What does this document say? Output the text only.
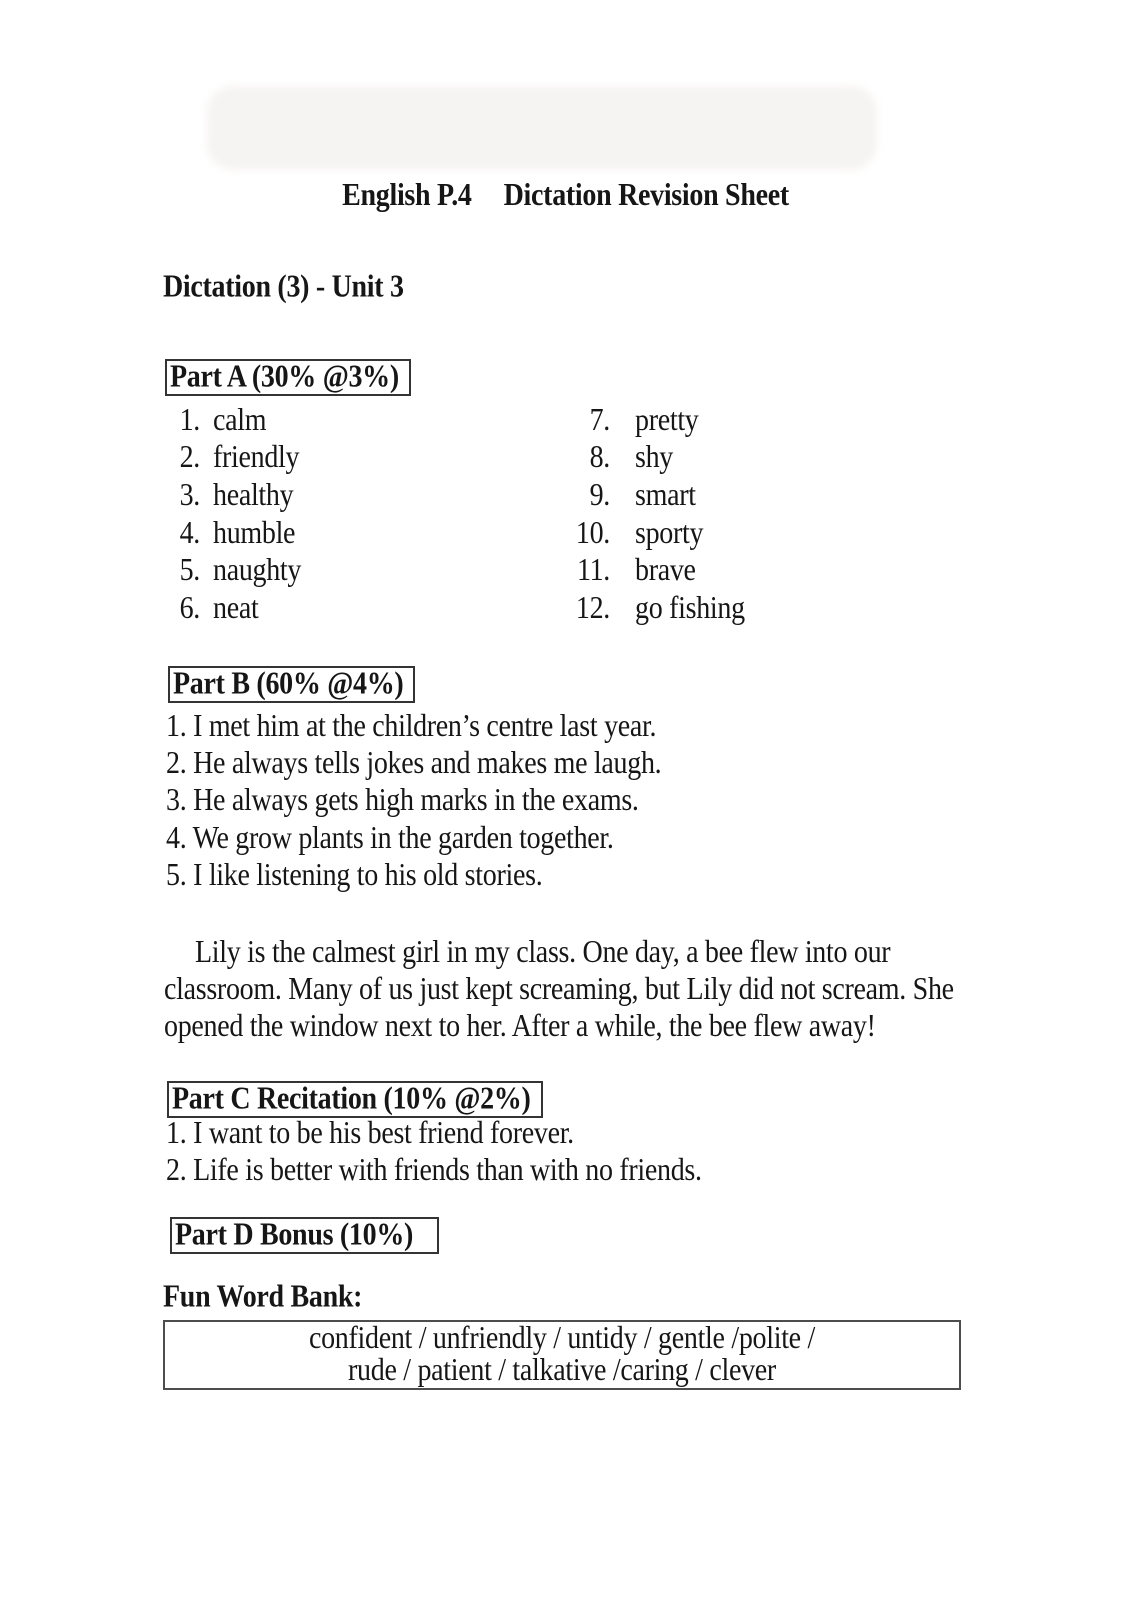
English P.4 Dictation Revision Sheet
Dictation (3) - Unit 3
Part A (30% @3%)
1. calm
2. friendly
3. healthy
4. humble
5. naughty
6. neat
7. pretty
8. shy
9. smart
10. sporty
11. brave
12. go fishing
Part B (60% @4%)
1. I met him at the children’s centre last year.
2. He always tells jokes and makes me laugh.
3. He always gets high marks in the exams.
4. We grow plants in the garden together.
5. I like listening to his old stories.
Lily is the calmest girl in my class. One day, a bee flew into our
classroom. Many of us just kept screaming, but Lily did not scream. She
opened the window next to her. After a while, the bee flew away!
Part C Recitation (10% @2%)
1. I want to be his best friend forever.
2. Life is better with friends than with no friends.
Part D Bonus (10%)
Fun Word Bank:
confident / unfriendly / untidy / gentle /polite /
rude / patient / talkative /caring / clever
